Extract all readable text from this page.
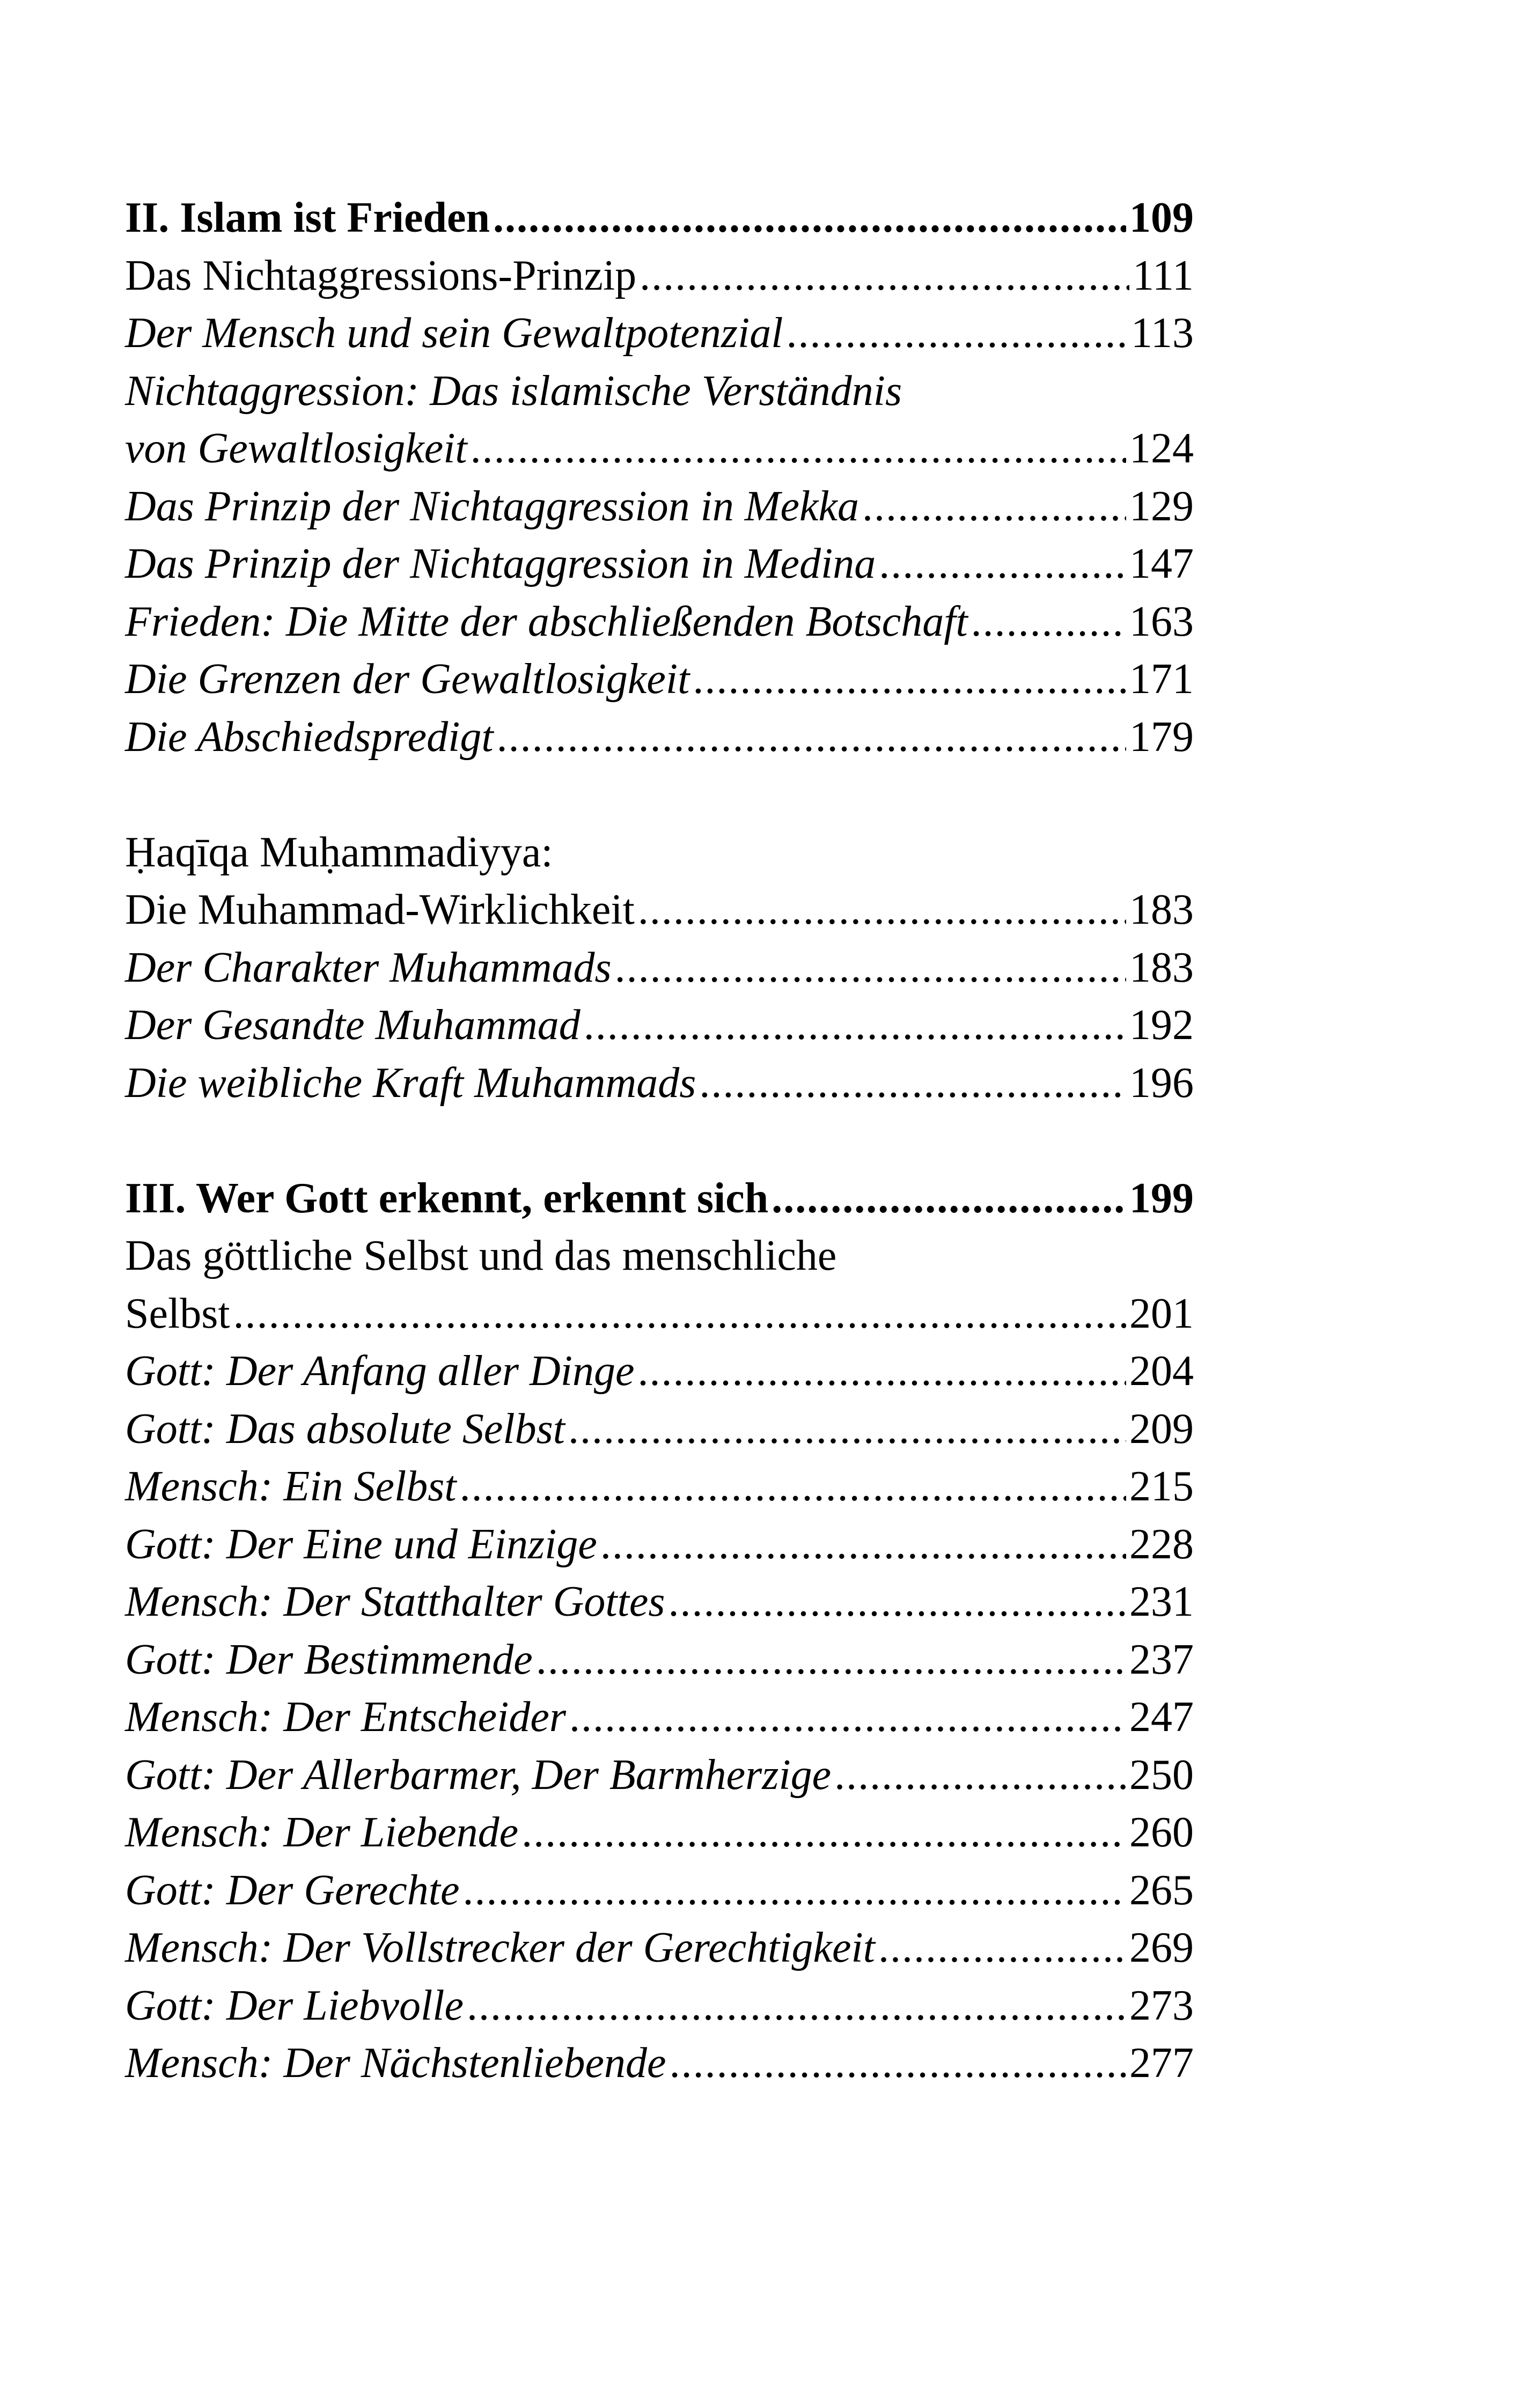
II. Islam ist Frieden .....	109
Das Nichtaggressions-Prinzip .....	111
Der Mensch und sein Gewaltpotenzial .....	113
Nichtaggression: Das islamische Verständnis
von Gewaltlosigkeit .....	124
Das Prinzip der Nichtaggression in Mekka .....	129
Das Prinzip der Nichtaggression in Medina .....	147
Frieden: Die Mitte der abschließenden Botschaft .....	163
Die Grenzen der Gewaltlosigkeit .....	171
Die Abschiedspredigt .....	179
Ḥaqīqa Muḥammadiyya:
Die Muhammad-Wirklichkeit .....	183
Der Charakter Muhammads .....	183
Der Gesandte Muhammad .....	192
Die weibliche Kraft Muhammads .....	196
III. Wer Gott erkennt, erkennt sich .....	199
Das göttliche Selbst und das menschliche
Selbst .....	201
Gott: Der Anfang aller Dinge .....	204
Gott: Das absolute Selbst .....	209
Mensch: Ein Selbst .....	215
Gott: Der Eine und Einzige .....	228
Mensch: Der Statthalter Gottes .....	231
Gott: Der Bestimmende .....	237
Mensch: Der Entscheider .....	247
Gott: Der Allerbarmer, Der Barmherzige .....	250
Mensch: Der Liebende .....	260
Gott: Der Gerechte .....	265
Mensch: Der Vollstrecker der Gerechtigkeit .....	269
Gott: Der Liebvolle .....	273
Mensch: Der Nächstenliebende .....	277
